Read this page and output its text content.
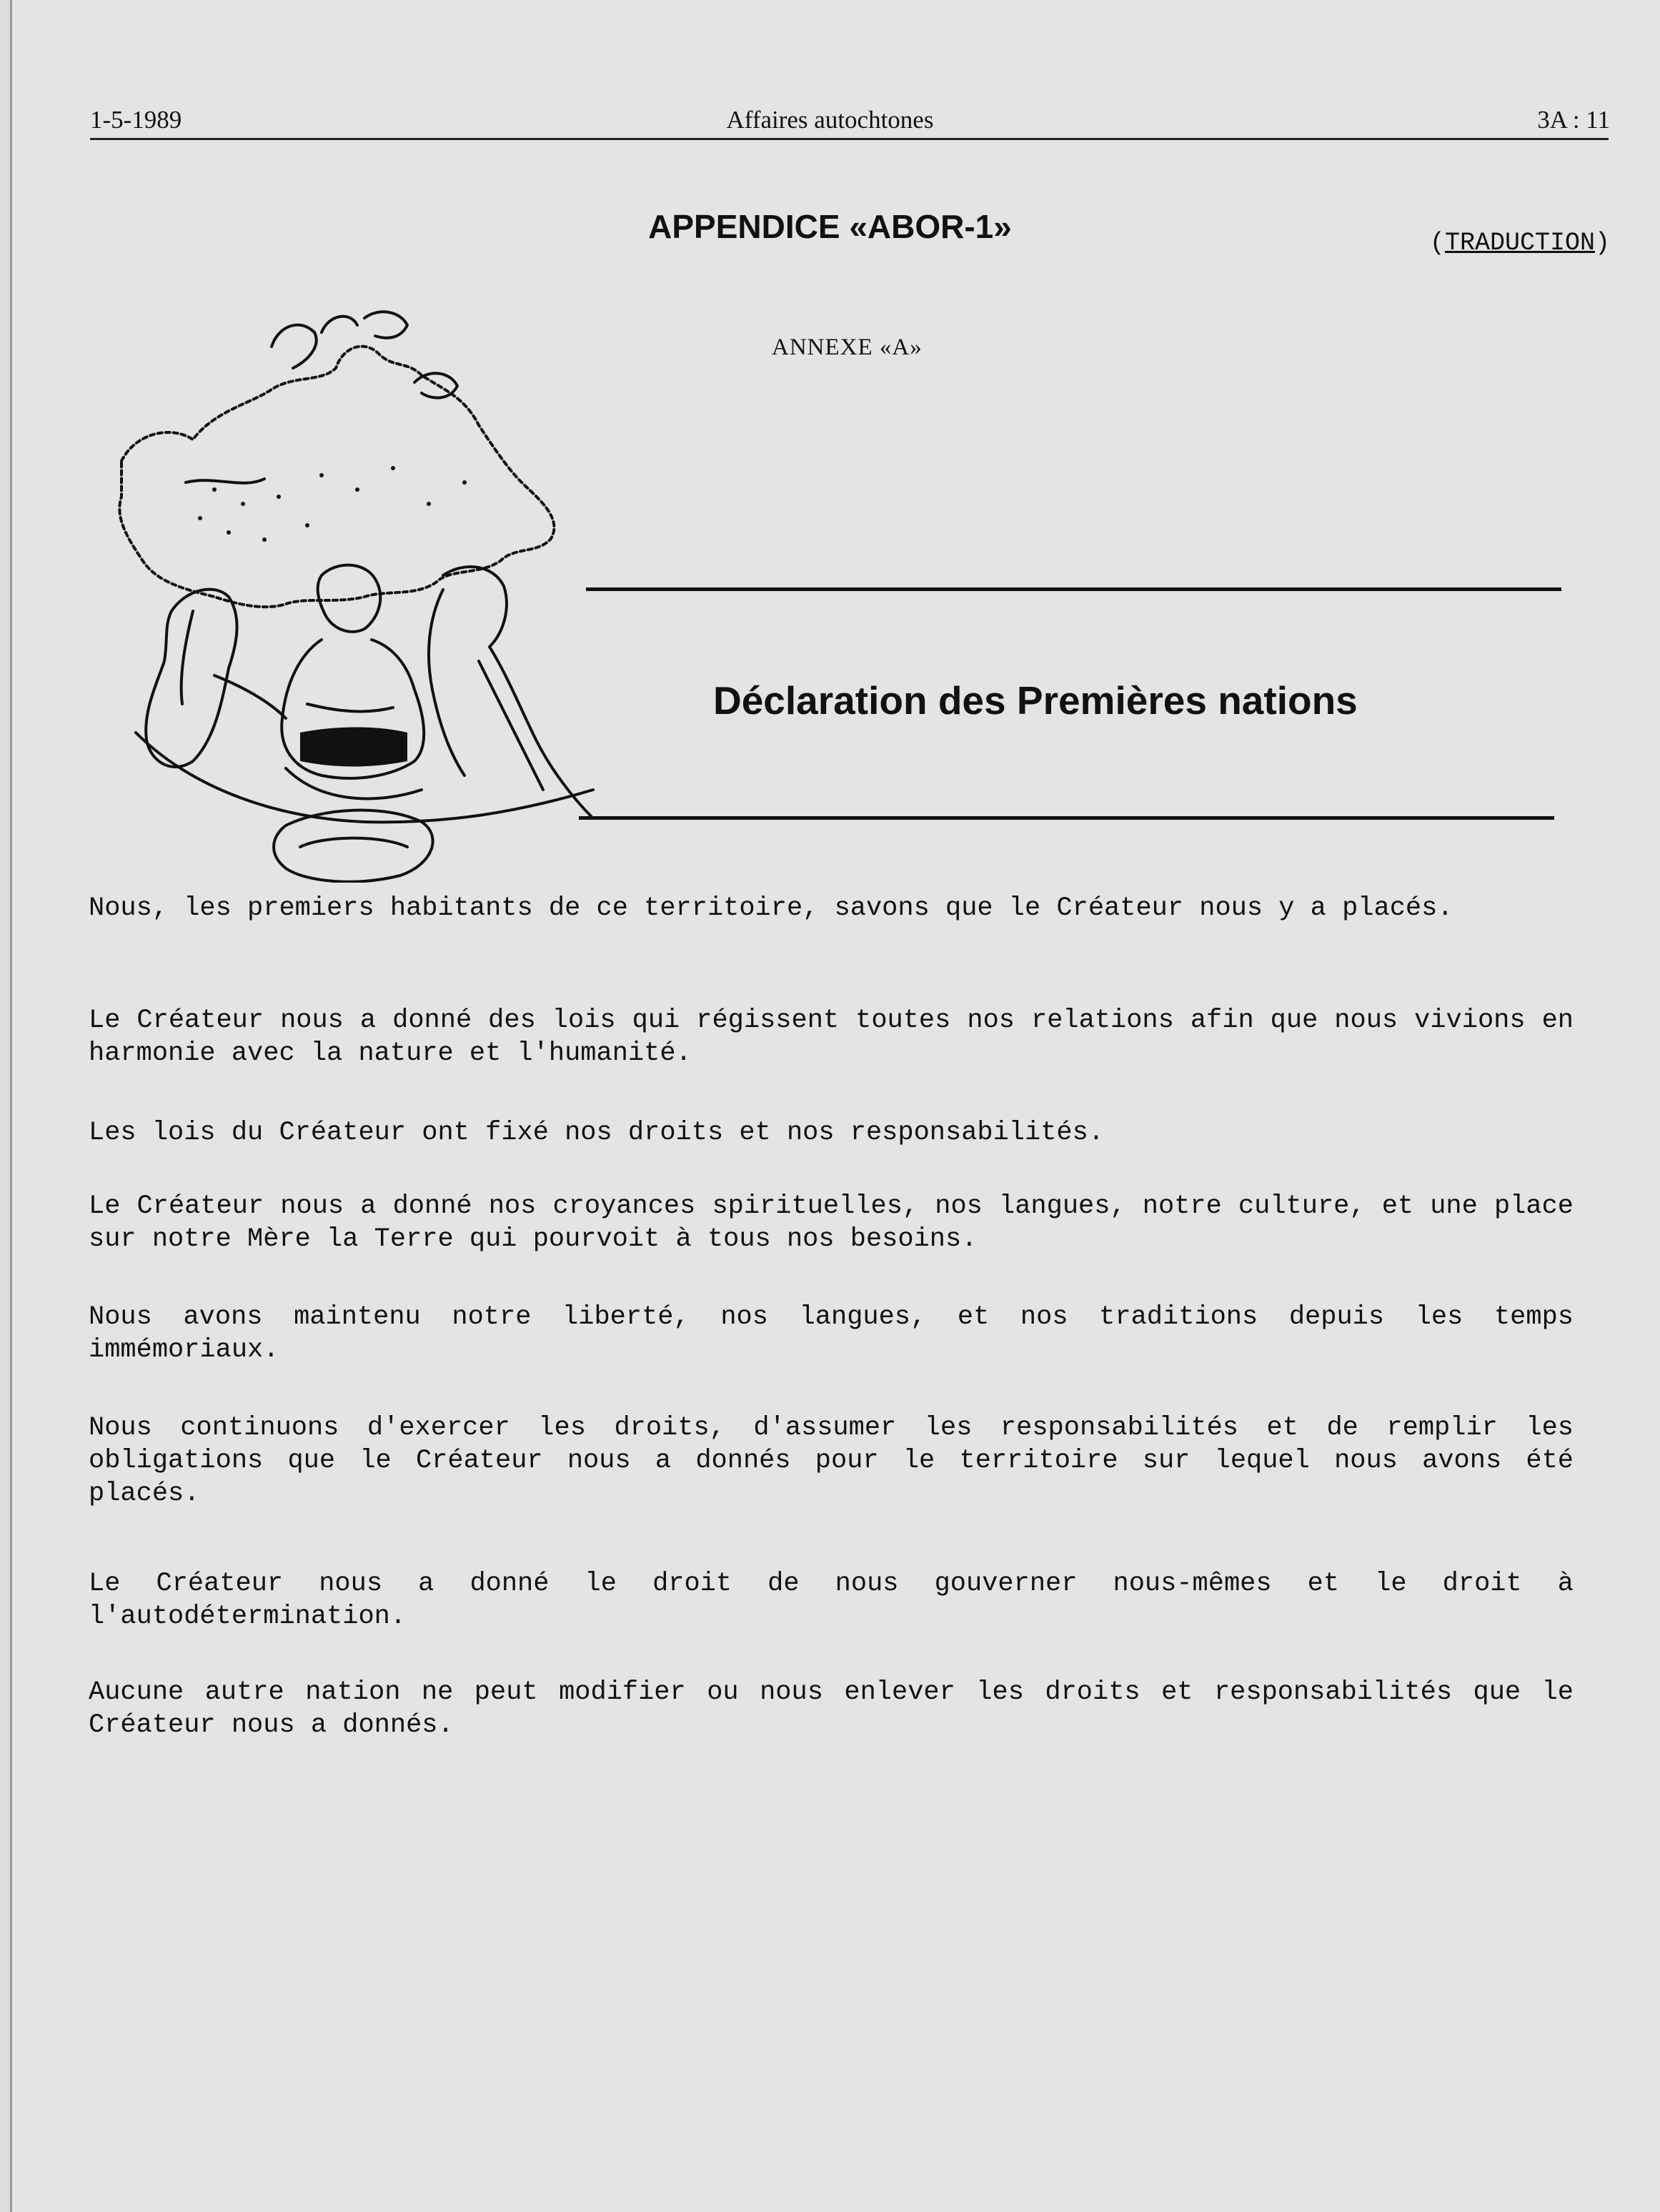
1-5-1989	Affaires autochtones	3A : 11
APPENDICE «ABOR-1»	(TRADUCTION)
ANNEXE «A»
Déclaration des Premières nations
Nous, les premiers habitants de ce territoire, savons que le Créateur nous y a placés.
Le Créateur nous a donné des lois qui régissent toutes nos relations afin que nous vivions en harmonie avec la nature et l'humanité.
Les lois du Créateur ont fixé nos droits et nos responsabilités.
Le Créateur nous a donné nos croyances spirituelles, nos langues, notre culture, et une place sur notre Mère la Terre qui pourvoit à tous nos besoins.
Nous avons maintenu notre liberté, nos langues, et nos traditions depuis les temps immémoriaux.
Nous continuons d'exercer les droits, d'assumer les responsabilités et de remplir les obligations que le Créateur nous a donnés pour le territoire sur lequel nous avons été placés.
Le Créateur nous a donné le droit de nous gouverner nous-mêmes et le droit à l'autodétermination.
Aucune autre nation ne peut modifier ou nous enlever les droits et responsabilités que le Créateur nous a donnés.
